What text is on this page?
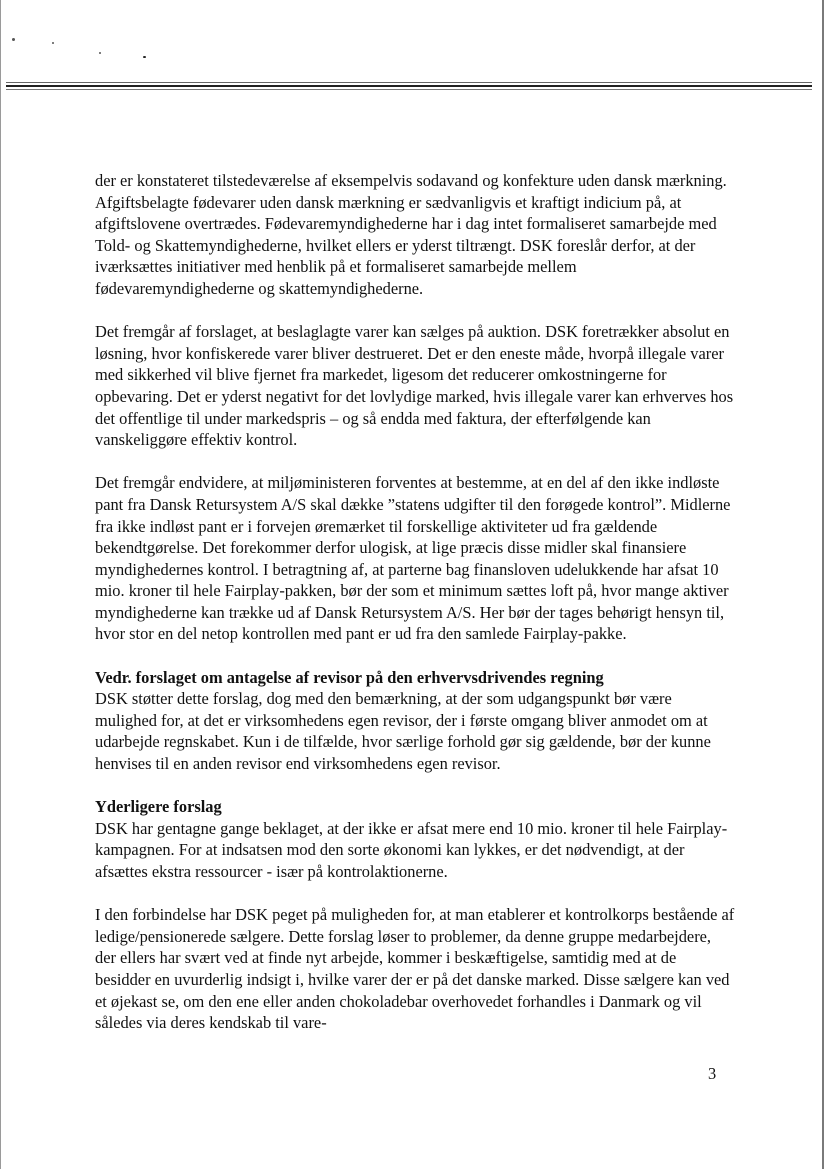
der er konstateret tilstedeværelse af eksempelvis sodavand og konfekture uden dansk mærkning. Afgiftsbelagte fødevarer uden dansk mærkning er sædvanligvis et kraftigt indicium på, at afgiftslovene overtrædes. Fødevaremyndighederne har i dag intet formaliseret samarbejde med Told- og Skattemyndighederne, hvilket ellers er yderst tiltrængt. DSK foreslår derfor, at der iværksættes initiativer med henblik på et formaliseret samarbejde mellem fødevaremyndighederne og skattemyndighederne.

Det fremgår af forslaget, at beslaglagte varer kan sælges på auktion. DSK foretrækker absolut en løsning, hvor konfiskerede varer bliver destrueret. Det er den eneste måde, hvorpå illegale varer med sikkerhed vil blive fjernet fra markedet, ligesom det reducerer omkostningerne for opbevaring. Det er yderst negativt for det lovlydige marked, hvis illegale varer kan erhverves hos det offentlige til under markedspris – og så endda med faktura, der efterfølgende kan vanskeliggøre effektiv kontrol.

Det fremgår endvidere, at miljøministeren forventes at bestemme, at en del af den ikke indløste pant fra Dansk Retursystem A/S skal dække ”statens udgifter til den forøgede kontrol”. Midlerne fra ikke indløst pant er i forvejen øremærket til forskellige aktiviteter ud fra gældende bekendtgørelse. Det forekommer derfor ulogisk, at lige præcis disse midler skal finansiere myndighedernes kontrol. I betragtning af, at parterne bag finansloven udelukkende har afsat 10 mio. kroner til hele Fairplay-pakken, bør der som et minimum sættes loft på, hvor mange aktiver myndighederne kan trække ud af Dansk Retursystem A/S. Her bør der tages behørigt hensyn til, hvor stor en del netop kontrollen med pant er ud fra den samlede Fairplay-pakke.

Vedr. forslaget om antagelse af revisor på den erhvervsdrivendes regning

DSK støtter dette forslag, dog med den bemærkning, at der som udgangspunkt bør være mulighed for, at det er virksomhedens egen revisor, der i første omgang bliver anmodet om at udarbejde regnskabet. Kun i de tilfælde, hvor særlige forhold gør sig gældende, bør der kunne henvises til en anden revisor end virksomhedens egen revisor.

Yderligere forslag

DSK har gentagne gange beklaget, at der ikke er afsat mere end 10 mio. kroner til hele Fairplay-kampagnen. For at indsatsen mod den sorte økonomi kan lykkes, er det nødvendigt, at der afsættes ekstra ressourcer - især på kontrolaktionerne.

I den forbindelse har DSK peget på muligheden for, at man etablerer et kontrolkorps bestående af ledige/pensionerede sælgere. Dette forslag løser to problemer, da denne gruppe medarbejdere, der ellers har svært ved at finde nyt arbejde, kommer i beskæftigelse, samtidig med at de besidder en uvurderlig indsigt i, hvilke varer der er på det danske marked. Disse sælgere kan ved et øjekast se, om den ene eller anden chokoladebar overhovedet forhandles i Danmark og vil således via deres kendskab til vare-

3
